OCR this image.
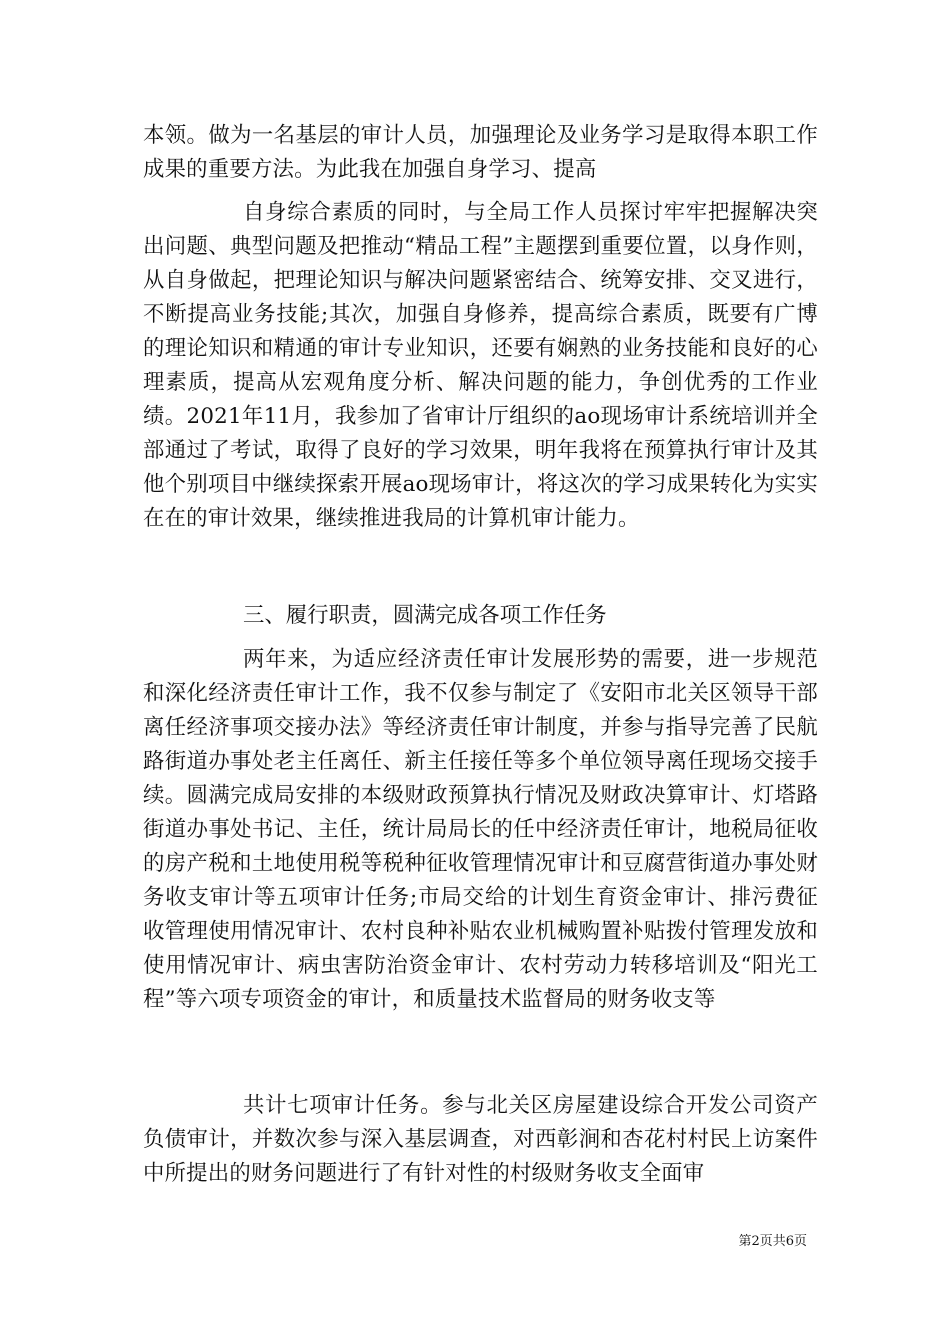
本领。做为一名基层的审计人员，加强理论及业务学习是取得本职工作成果的重要方法。为此我在加强自身学习、提高

自身综合素质的同时，与全局工作人员探讨牢牢把握解决突出问题、典型问题及把推动“精品工程”主题摆到重要位置，以身作则，从自身做起，把理论知识与解决问题紧密结合、统筹安排、交叉进行，不断提高业务技能;其次，加强自身修养，提高综合素质，既要有广博的理论知识和精通的审计专业知识，还要有娴熟的业务技能和良好的心理素质，提高从宏观角度分析、解决问题的能力，争创优秀的工作业绩。2021年11月，我参加了省审计厅组织的ao现场审计系统培训并全部通过了考试，取得了良好的学习效果，明年我将在预算执行审计及其他个别项目中继续探索开展ao现场审计，将这次的学习成果转化为实实在在的审计效果，继续推进我局的计算机审计能力。

三、履行职责，圆满完成各项工作任务

两年来，为适应经济责任审计发展形势的需要，进一步规范和深化经济责任审计工作，我不仅参与制定了《安阳市北关区领导干部离任经济事项交接办法》等经济责任审计制度，并参与指导完善了民航路街道办事处老主任离任、新主任接任等多个单位领导离任现场交接手续。圆满完成局安排的本级财政预算执行情况及财政决算审计、灯塔路街道办事处书记、主任，统计局局长的任中经济责任审计，地税局征收的房产税和土地使用税等税种征收管理情况审计和豆腐营街道办事处财务收支审计等五项审计任务;市局交给的计划生育资金审计、排污费征收管理使用情况审计、农村良种补贴农业机械购置补贴拨付管理发放和使用情况审计、病虫害防治资金审计、农村劳动力转移培训及“阳光工程”等六项专项资金的审计，和质量技术监督局的财务收支等

共计七项审计任务。参与北关区房屋建设综合开发公司资产负债审计，并数次参与深入基层调查，对西彰涧和杏花村村民上访案件中所提出的财务问题进行了有针对性的村级财务收支全面审

第2页共6页
